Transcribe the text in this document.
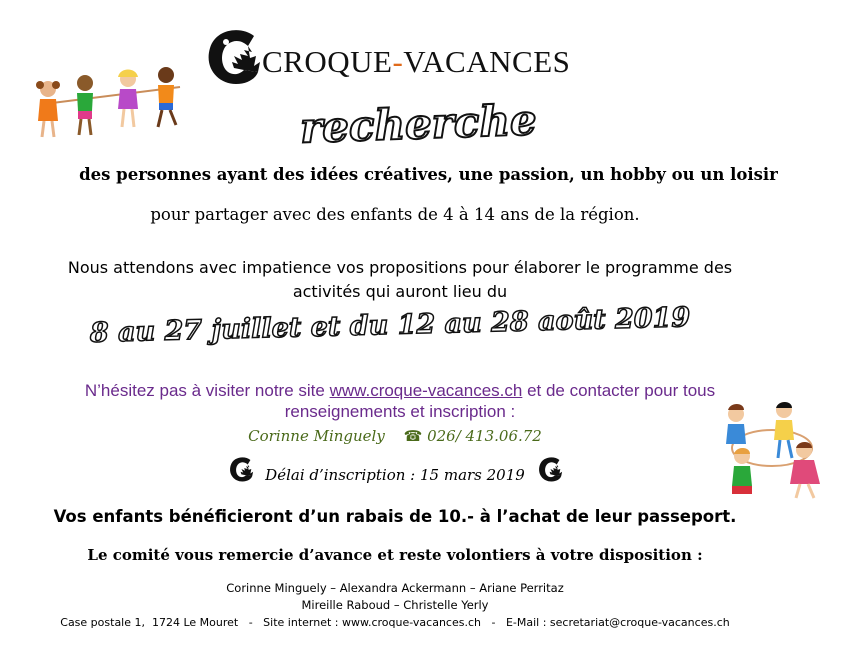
CROQUE-VACANCES
recherche
des personnes ayant des idées créatives, une passion, un hobby ou un loisir
pour partager avec des enfants de 4 à 14 ans de la région.
Nous attendons avec impatience vos propositions pour élaborer le programme des
activités qui auront lieu du
8 au 27 juillet et du 12 au 28 août 2019
N’hésitez pas à visiter notre site www.croque-vacances.ch et de contacter pour tous
renseignements et inscription :
Corinne Minguely ☎ 026/ 413.06.72
Délai d’inscription : 15 mars 2019
Vos enfants bénéficieront d’un rabais de 10.- à l’achat de leur passeport.
Le comité vous remercie d’avance et reste volontiers à votre disposition :
Corinne Minguely – Alexandra Ackermann – Ariane Perritaz
Mireille Raboud – Christelle Yerly
Case postale 1,  1724 Le Mouret   -   Site internet : www.croque-vacances.ch   -   E-Mail : secretariat@croque-vacances.ch
